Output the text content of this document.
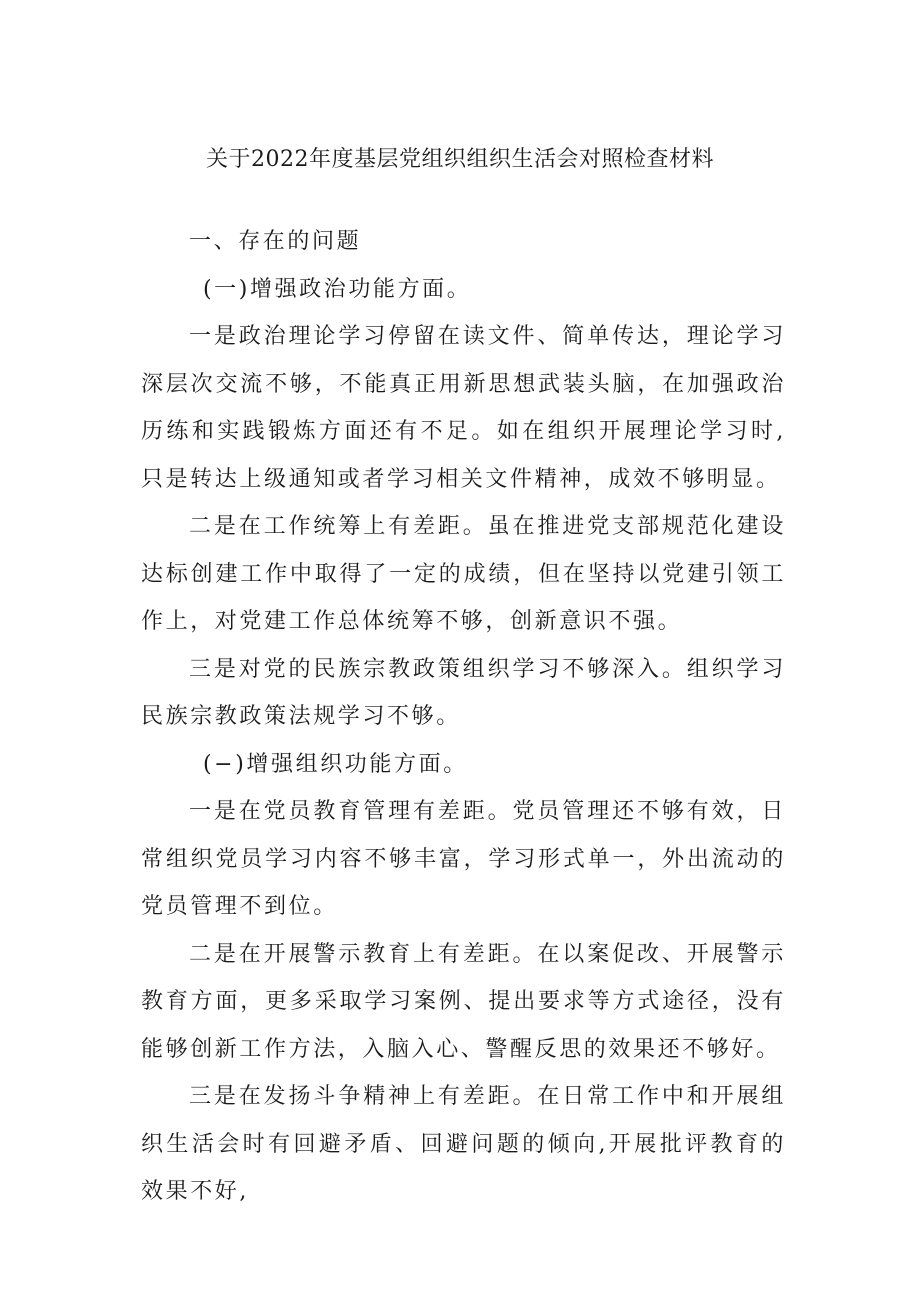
关于2022年度基层党组织组织生活会对照检查材料

一、存在的问题

(一)增强政治功能方面。

一是政治理论学习停留在读文件、简单传达，理论学习深层次交流不够，不能真正用新思想武装头脑，在加强政治历练和实践锻炼方面还有不足。如在组织开展理论学习时,只是转达上级通知或者学习相关文件精神，成效不够明显。

二是在工作统筹上有差距。虽在推进党支部规范化建设达标创建工作中取得了一定的成绩，但在坚持以党建引领工作上，对党建工作总体统筹不够，创新意识不强。

三是对党的民族宗教政策组织学习不够深入。组织学习民族宗教政策法规学习不够。

(−)增强组织功能方面。

一是在党员教育管理有差距。党员管理还不够有效，日常组织党员学习内容不够丰富，学习形式单一，外出流动的党员管理不到位。

二是在开展警示教育上有差距。在以案促改、开展警示教育方面，更多采取学习案例、提出要求等方式途径，没有能够创新工作方法，入脑入心、警醒反思的效果还不够好。

三是在发扬斗争精神上有差距。在日常工作中和开展组织生活会时有回避矛盾、回避问题的倾向,开展批评教育的效果不好,
